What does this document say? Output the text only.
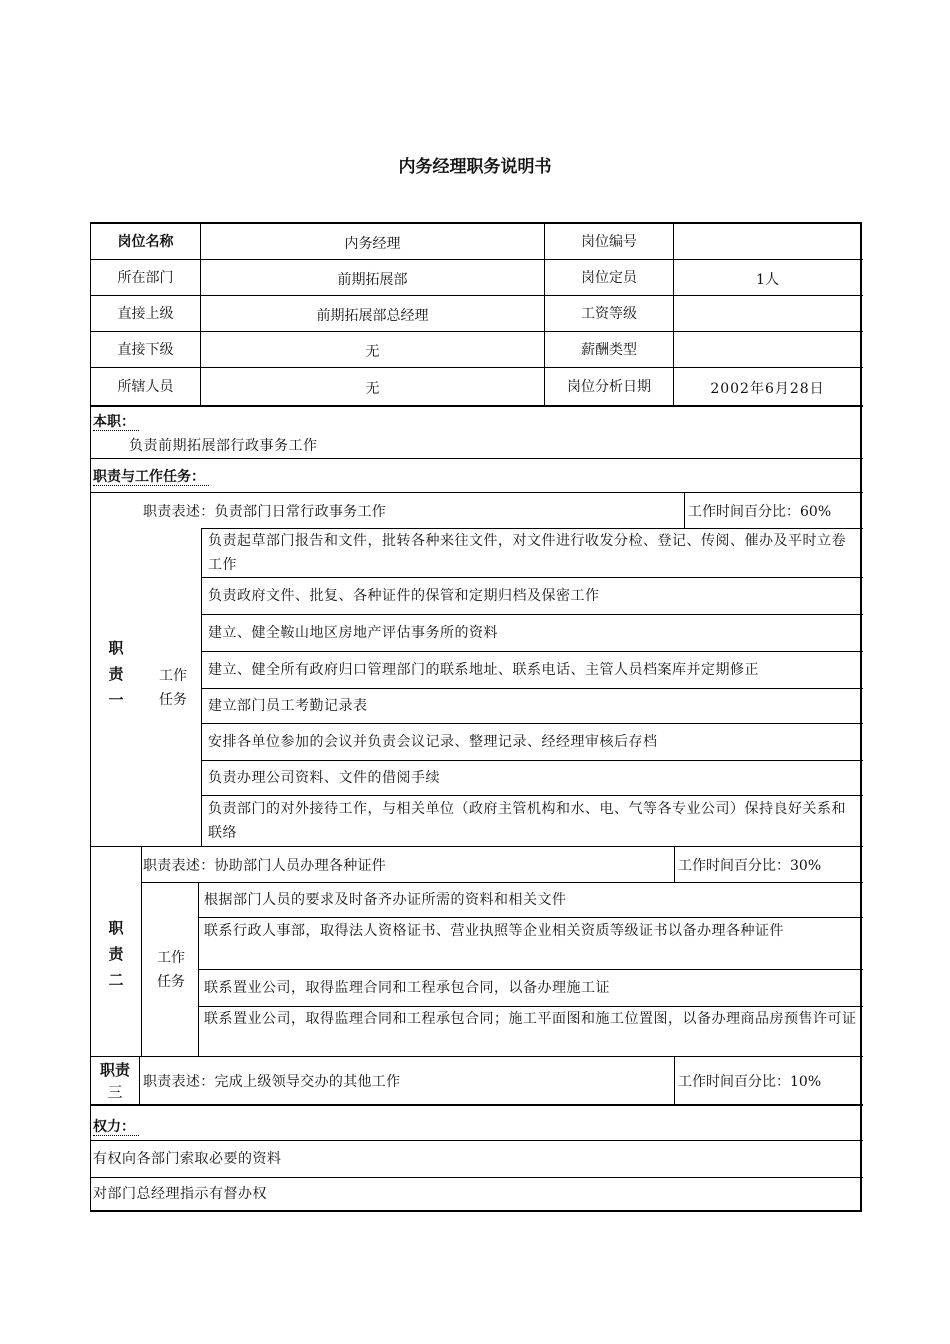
内务经理职务说明书
岗位名称	内务经理	岗位编号
所在部门	前期拓展部	岗位定员	1人
直接上级	前期拓展部总经理	工资等级
直接下级	无	薪酬类型
所辖人员	无	岗位分析日期	2002年6月28日
本职：
负责前期拓展部行政事务工作
职责与工作任务：
职责表述：负责部门日常行政事务工作	工作时间百分比：60%
职
责
一
工作
任务
负责起草部门报告和文件，批转各种来往文件，对文件进行收发分检、登记、传阅、催办及平时立卷工作
负责政府文件、批复、各种证件的保管和定期归档及保密工作
建立、健全鞍山地区房地产评估事务所的资料
建立、健全所有政府归口管理部门的联系地址、联系电话、主管人员档案库并定期修正
建立部门员工考勤记录表
安排各单位参加的会议并负责会议记录、整理记录、经经理审核后存档
负责办理公司资料、文件的借阅手续
负责部门的对外接待工作，与相关单位（政府主管机构和水、电、气等各专业公司）保持良好关系和联络
职责表述：协助部门人员办理各种证件	工作时间百分比：30%
职
责
二
工作
任务
根据部门人员的要求及时备齐办证所需的资料和相关文件
联系行政人事部，取得法人资格证书、营业执照等企业相关资质等级证书以备办理各种证件
联系置业公司，取得监理合同和工程承包合同，以备办理施工证
联系置业公司，取得监理合同和工程承包合同；施工平面图和施工位置图，以备办理商品房预售许可证
职责
三
职责表述：完成上级领导交办的其他工作	工作时间百分比：10%
权力：
有权向各部门索取必要的资料
对部门总经理指示有督办权
